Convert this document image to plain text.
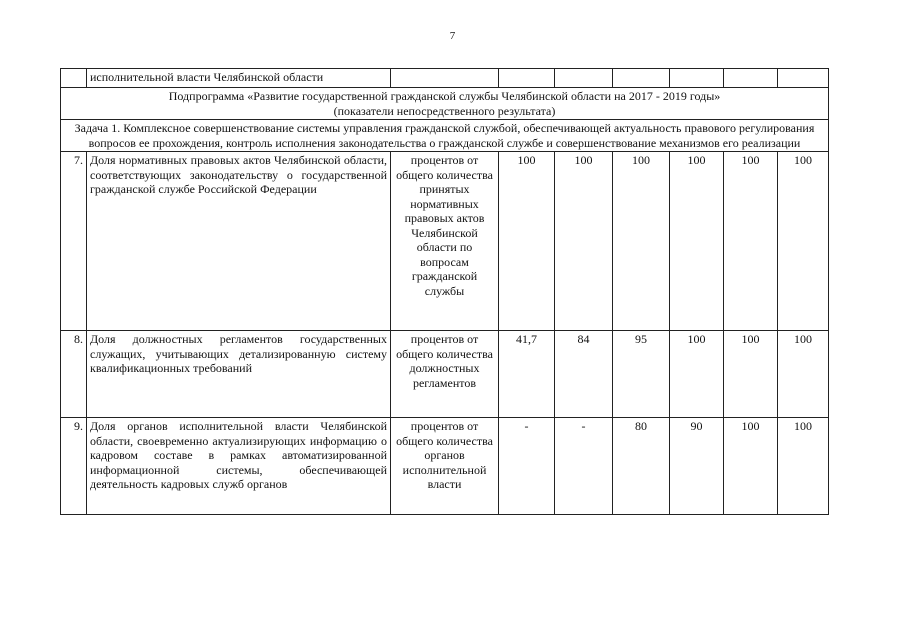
7
	исполнительной власти Челябинской области							

Подпрограмма «Развитие государственной гражданской службы Челябинской области на 2017 - 2019 годы»
(показатели непосредственного результата)								

Задача 1. Комплексное совершенствование системы управления гражданской службой, обеспечивающей актуальность правового регулирования вопросов ее прохождения, контроль исполнения законодательства о гражданской службе и совершенствование механизмов его реализации								
7.	Доля нормативных правовых актов Челябинской области, соответствующих законодательству о государственной гражданской службе Российской Федерации	процентов от общего количества принятых нормативных правовых актов Челябинской области по вопросам гражданской службы	100	100	100	100	100	100
8.	Доля должностных регламентов государственных служащих, учитывающих детализированную систему квалификационных требований	процентов от общего количества должностных регламентов	41,7	84	95	100	100	100
9.	Доля органов исполнительной власти Челябинской области, своевременно актуализирующих информацию о кадровом составе в рамках автоматизированной информационной системы, обеспечивающей деятельность кадровых служб органов	процентов от общего количества органов исполнительной власти	-	-	80	90	100	100
